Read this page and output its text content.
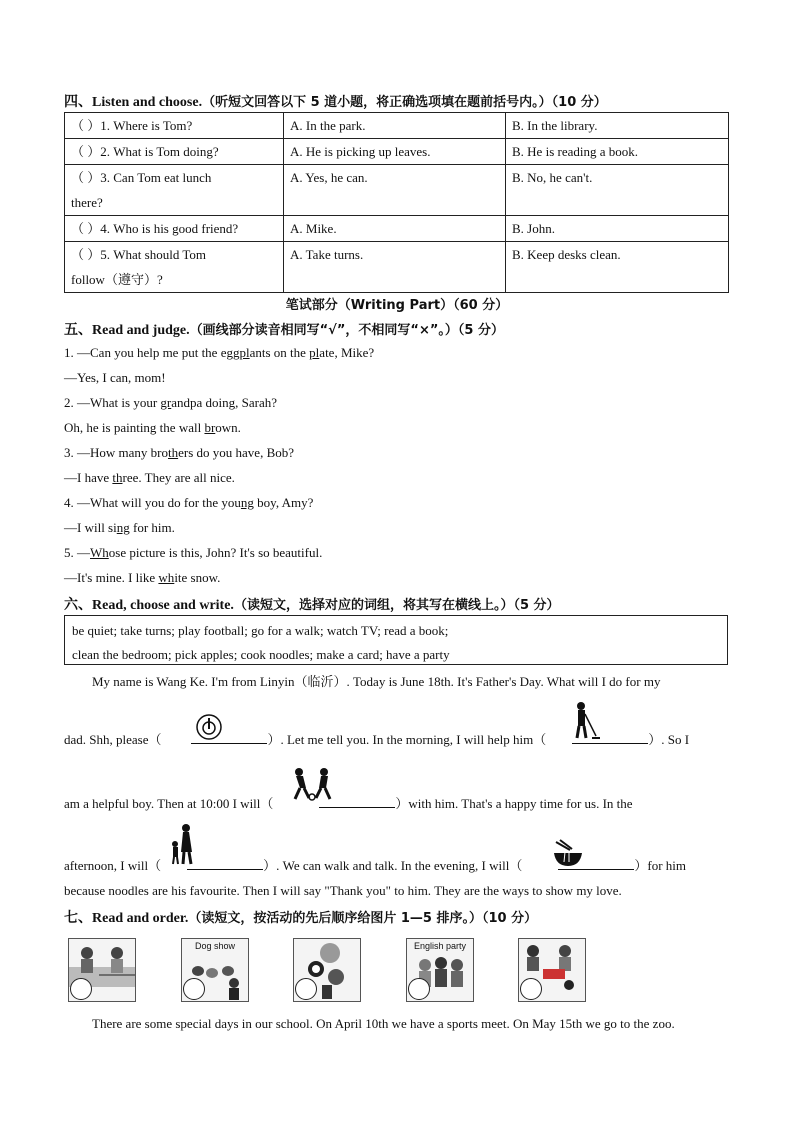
四、Listen and choose.（听短文回答以下 5 道小题，将正确选项填在题前括号内。）（10 分）
（ ）1. Where is Tom?	A. In the park.	B. In the library.
（ ）2. What is Tom doing?	A. He is picking up leaves.	B. He is reading a book.
（ ）3. Can Tom eat lunch
there?	A. Yes, he can.	B. No, he can't.
（ ）4. Who is his good friend?	A. Mike.	B. John.
（ ）5. What should Tom
follow（遵守）?	A. Take turns.	B. Keep desks clean.
笔试部分（Writing Part）（60 分）
五、Read and judge.（画线部分读音相同写“√”，不相同写“×”。）（5 分）
1. —Can you help me put the eggplants on the plate, Mike?
—Yes, I can, mom!
2. —What is your grandpa doing, Sarah?
Oh, he is painting the wall brown.
3. —How many brothers do you have, Bob?
—I have three. They are all nice.
4. —What will you do for the young boy, Amy?
—I will sing for him.
5. —Whose picture is this, John? It's so beautiful.
—It's mine. I like white snow.
六、Read, choose and write.（读短文，选择对应的词组，将其写在横线上。）（5 分）
be quiet; take turns; play football; go for a walk; watch TV; read a book;
clean the bedroom; pick apples; cook noodles; make a card; have a party
My name is Wang Ke. I'm from Linyin（临沂）. Today is June 18th. It's Father's Day. What will I do for my
dad. Shh, please（	）. Let me tell you. In the morning, I will help him（	）. So I
am a helpful boy. Then at 10:00 I will（	）with him. That's a happy time for us. In the
afternoon, I will（	）. We can walk and talk. In the evening, I will（	）for him
because noodles are his favourite. Then I will say "Thank you" to him. They are the ways to show my love.
七、Read and order.（读短文，按活动的先后顺序给图片 1—5 排序。）（10 分）
Dog show	English party
There are some special days in our school. On April 10th we have a sports meet. On May 15th we go to the zoo.
